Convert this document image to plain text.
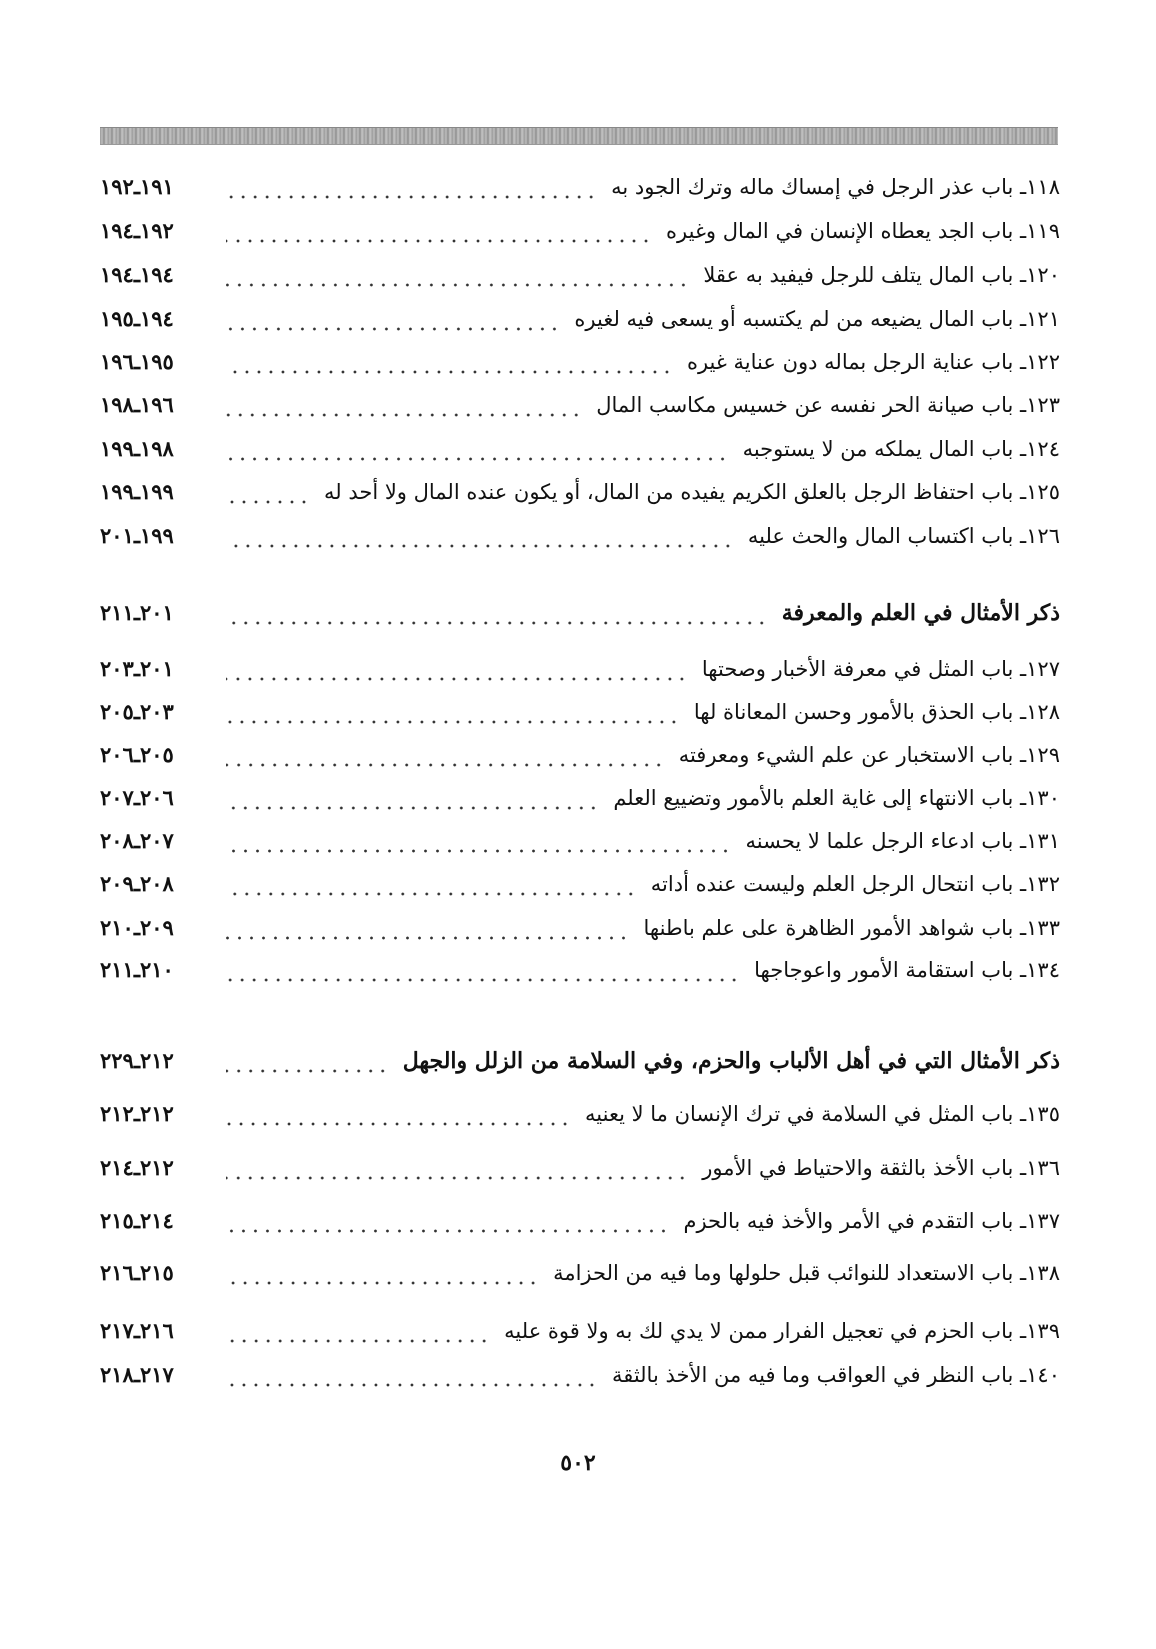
١١٨ـ باب عذر الرجل في إمساك ماله وترك الجود به
١٩١ـ١٩٢
١١٩ـ باب الجد يعطاه الإنسان في المال وغيره
١٩٢ـ١٩٤
١٢٠ـ باب المال يتلف للرجل فيفيد به عقلا
١٩٤ـ١٩٤
١٢١ـ باب المال يضيعه من لم يكتسبه أو يسعى فيه لغيره
١٩٤ـ١٩٥
١٢٢ـ باب عناية الرجل بماله دون عناية غيره
١٩٥ـ١٩٦
١٢٣ـ باب صيانة الحر نفسه عن خسيس مكاسب المال
١٩٦ـ١٩٨
١٢٤ـ باب المال يملكه من لا يستوجبه
١٩٨ـ١٩٩
١٢٥ـ باب احتفاظ الرجل بالعلق الكريم يفيده من المال، أو يكون عنده المال ولا أحد له
١٩٩ـ١٩٩
١٢٦ـ باب اكتساب المال والحث عليه
١٩٩ـ٢٠١
ذكر الأمثال في العلم والمعرفة
٢٠١ـ٢١١
١٢٧ـ باب المثل في معرفة الأخبار وصحتها
٢٠١ـ٢٠٣
١٢٨ـ باب الحذق بالأمور وحسن المعاناة لها
٢٠٣ـ٢٠٥
١٢٩ـ باب الاستخبار عن علم الشيء ومعرفته
٢٠٥ـ٢٠٦
١٣٠ـ باب الانتهاء إلى غاية العلم بالأمور وتضييع العلم
٢٠٦ـ٢٠٧
١٣١ـ باب ادعاء الرجل علما لا يحسنه
٢٠٧ـ٢٠٨
١٣٢ـ باب انتحال الرجل العلم وليست عنده أداته
٢٠٨ـ٢٠٩
١٣٣ـ باب شواهد الأمور الظاهرة على علم باطنها
٢٠٩ـ٢١٠
١٣٤ـ باب استقامة الأمور واعوجاجها
٢١٠ـ٢١١
ذكر الأمثال التي في أهل الألباب والحزم، وفي السلامة من الزلل والجهل
٢١٢ـ٢٢٩
١٣٥ـ باب المثل في السلامة في ترك الإنسان ما لا يعنيه
٢١٢ـ٢١٢
١٣٦ـ باب الأخذ بالثقة والاحتياط في الأمور
٢١٢ـ٢١٤
١٣٧ـ باب التقدم في الأمر والأخذ فيه بالحزم
٢١٤ـ٢١٥
١٣٨ـ باب الاستعداد للنوائب قبل حلولها وما فيه من الحزامة
٢١٥ـ٢١٦
١٣٩ـ باب الحزم في تعجيل الفرار ممن لا يدي لك به ولا قوة عليه
٢١٦ـ٢١٧
١٤٠ـ باب النظر في العواقب وما فيه من الأخذ بالثقة
٢١٧ـ٢١٨
٥٠٢
